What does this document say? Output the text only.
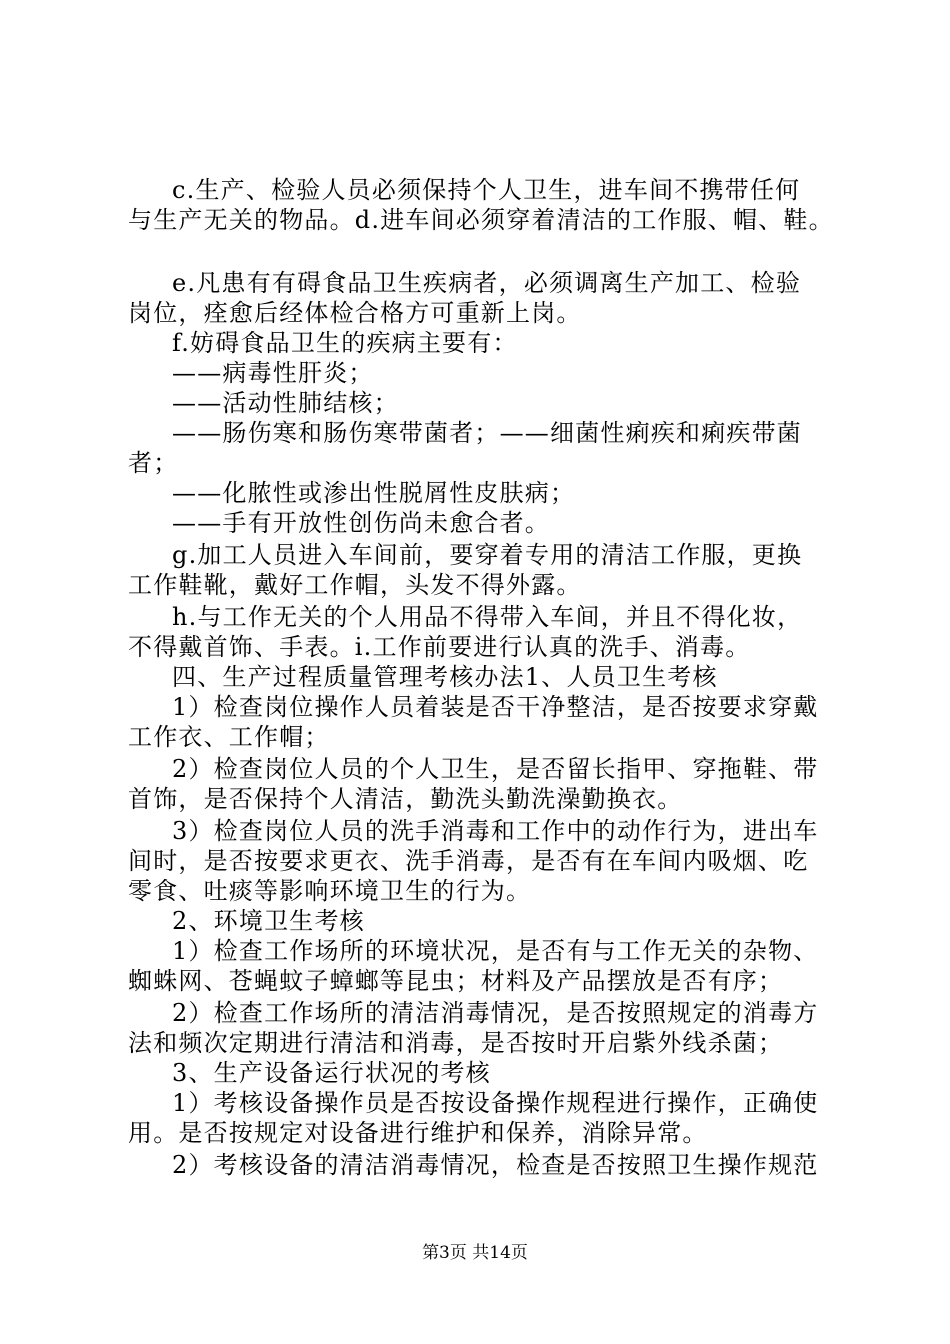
c.生产、检验人员必须保持个人卫生，进车间不携带任何
与生产无关的物品。d.进车间必须穿着清洁的工作服、帽、鞋。
e.凡患有有碍食品卫生疾病者，必须调离生产加工、检验
岗位，痊愈后经体检合格方可重新上岗。
f.妨碍食品卫生的疾病主要有：
——病毒性肝炎；
——活动性肺结核；
——肠伤寒和肠伤寒带菌者；——细菌性痢疾和痢疾带菌
者；
——化脓性或渗出性脱屑性皮肤病；
——手有开放性创伤尚未愈合者。
g.加工人员进入车间前，要穿着专用的清洁工作服，更换
工作鞋靴，戴好工作帽，头发不得外露。
h.与工作无关的个人用品不得带入车间，并且不得化妆，
不得戴首饰、手表。i.工作前要进行认真的洗手、消毒。
四、生产过程质量管理考核办法1、人员卫生考核
1）检查岗位操作人员着装是否干净整洁，是否按要求穿戴
工作衣、工作帽；
2）检查岗位人员的个人卫生，是否留长指甲、穿拖鞋、带
首饰，是否保持个人清洁，勤洗头勤洗澡勤换衣。
3）检查岗位人员的洗手消毒和工作中的动作行为，进出车
间时，是否按要求更衣、洗手消毒，是否有在车间内吸烟、吃
零食、吐痰等影响环境卫生的行为。
2、环境卫生考核
1）检查工作场所的环境状况，是否有与工作无关的杂物、
蜘蛛网、苍蝇蚊子蟑螂等昆虫；材料及产品摆放是否有序；
2）检查工作场所的清洁消毒情况，是否按照规定的消毒方
法和频次定期进行清洁和消毒，是否按时开启紫外线杀菌；
3、生产设备运行状况的考核
1）考核设备操作员是否按设备操作规程进行操作，正确使
用。是否按规定对设备进行维护和保养，消除异常。
2）考核设备的清洁消毒情况，检查是否按照卫生操作规范
第3页 共14页
